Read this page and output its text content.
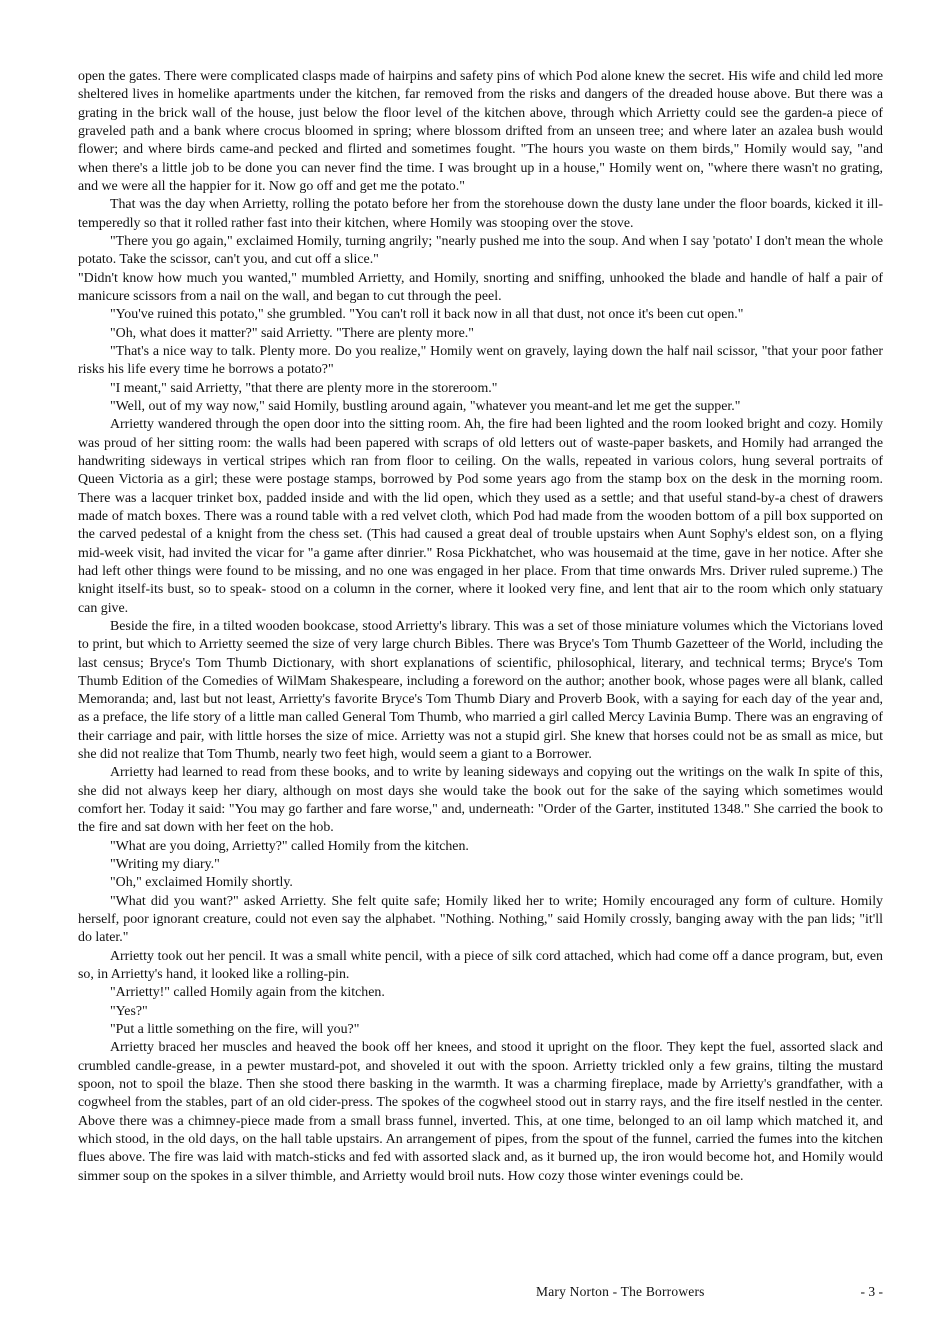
open the gates. There were complicated clasps made of hairpins and safety pins of which Pod alone knew the secret. His wife and child led more sheltered lives in homelike apartments under the kitchen, far removed from the risks and dangers of the dreaded house above. But there was a grating in the brick wall of the house, just below the floor level of the kitchen above, through which Arrietty could see the garden-a piece of graveled path and a bank where crocus bloomed in spring; where blossom drifted from an unseen tree; and where later an azalea bush would flower; and where birds came-and pecked and flirted and sometimes fought. "The hours you waste on them birds," Homily would say, "and when there's a little job to be done you can never find the time. I was brought up in a house," Homily went on, "where there wasn't no grating, and we were all the happier for it. Now go off and get me the potato."

That was the day when Arrietty, rolling the potato before her from the storehouse down the dusty lane under the floor boards, kicked it ill-temperedly so that it rolled rather fast into their kitchen, where Homily was stooping over the stove.

"There you go again," exclaimed Homily, turning angrily; "nearly pushed me into the soup. And when I say 'potato' I don't mean the whole potato. Take the scissor, can't you, and cut off a slice."

"Didn't know how much you wanted," mumbled Arrietty, and Homily, snorting and sniffing, unhooked the blade and handle of half a pair of manicure scissors from a nail on the wall, and began to cut through the peel.

"You've ruined this potato," she grumbled. "You can't roll it back now in all that dust, not once it's been cut open."

"Oh, what does it matter?" said Arrietty. "There are plenty more."

"That's a nice way to talk. Plenty more. Do you realize," Homily went on gravely, laying down the half nail scissor, "that your poor father risks his life every time he borrows a potato?"

"I meant," said Arrietty, "that there are plenty more in the storeroom."

"Well, out of my way now," said Homily, bustling around again, "whatever you meant-and let me get the supper."

Arrietty wandered through the open door into the sitting room. Ah, the fire had been lighted and the room looked bright and cozy. Homily was proud of her sitting room: the walls had been papered with scraps of old letters out of waste-paper baskets, and Homily had arranged the handwriting sideways in vertical stripes which ran from floor to ceiling. On the walls, repeated in various colors, hung several portraits of Queen Victoria as a girl; these were postage stamps, borrowed by Pod some years ago from the stamp box on the desk in the morning room. There was a lacquer trinket box, padded inside and with the lid open, which they used as a settle; and that useful stand-by-a chest of drawers made of match boxes. There was a round table with a red velvet cloth, which Pod had made from the wooden bottom of a pill box supported on the carved pedestal of a knight from the chess set. (This had caused a great deal of trouble upstairs when Aunt Sophy's eldest son, on a flying mid-week visit, had invited the vicar for "a game after dinrier." Rosa Pickhatchet, who was housemaid at the time, gave in her notice. After she had left other things were found to be missing, and no one was engaged in her place. From that time onwards Mrs. Driver ruled supreme.) The knight itself-its bust, so to speak- stood on a column in the corner, where it looked very fine, and lent that air to the room which only statuary can give.

Beside the fire, in a tilted wooden bookcase, stood Arrietty's library. This was a set of those miniature volumes which the Victorians loved to print, but which to Arrietty seemed the size of very large church Bibles. There was Bryce's Tom Thumb Gazetteer of the World, including the last census; Bryce's Tom Thumb Dictionary, with short explanations of scientific, philosophical, literary, and technical terms; Bryce's Tom Thumb Edition of the Comedies of WilMam Shakespeare, including a foreword on the author; another book, whose pages were all blank, called Memoranda; and, last but not least, Arrietty's favorite Bryce's Tom Thumb Diary and Proverb Book, with a saying for each day of the year and, as a preface, the life story of a little man called General Tom Thumb, who married a girl called Mercy Lavinia Bump. There was an engraving of their carriage and pair, with little horses the size of mice. Arrietty was not a stupid girl. She knew that horses could not be as small as mice, but she did not realize that Tom Thumb, nearly two feet high, would seem a giant to a Borrower.

Arrietty had learned to read from these books, and to write by leaning sideways and copying out the writings on the walk In spite of this, she did not always keep her diary, although on most days she would take the book out for the sake of the saying which sometimes would comfort her. Today it said: "You may go farther and fare worse," and, underneath: "Order of the Garter, instituted 1348." She carried the book to the fire and sat down with her feet on the hob.

"What are you doing, Arrietty?" called Homily from the kitchen.

"Writing my diary."

"Oh," exclaimed Homily shortly.

"What did you want?" asked Arrietty. She felt quite safe; Homily liked her to write; Homily encouraged any form of culture. Homily herself, poor ignorant creature, could not even say the alphabet. "Nothing. Nothing," said Homily crossly, banging away with the pan lids; "it'll do later."

Arrietty took out her pencil. It was a small white pencil, with a piece of silk cord attached, which had come off a dance program, but, even so, in Arrietty's hand, it looked like a rolling-pin.

"Arrietty!" called Homily again from the kitchen.

"Yes?"

"Put a little something on the fire, will you?"

Arrietty braced her muscles and heaved the book off her knees, and stood it upright on the floor. They kept the fuel, assorted slack and crumbled candle-grease, in a pewter mustard-pot, and shoveled it out with the spoon. Arrietty trickled only a few grains, tilting the mustard spoon, not to spoil the blaze. Then she stood there basking in the warmth. It was a charming fireplace, made by Arrietty's grandfather, with a cogwheel from the stables, part of an old cider-press. The spokes of the cogwheel stood out in starry rays, and the fire itself nestled in the center. Above there was a chimney-piece made from a small brass funnel, inverted. This, at one time, belonged to an oil lamp which matched it, and which stood, in the old days, on the hall table upstairs. An arrangement of pipes, from the spout of the funnel, carried the fumes into the kitchen flues above. The fire was laid with match-sticks and fed with assorted slack and, as it burned up, the iron would become hot, and Homily would simmer soup on the spokes in a silver thimble, and Arrietty would broil nuts. How cozy those winter evenings could be.

Mary Norton - The Borrowers	- 3 -
